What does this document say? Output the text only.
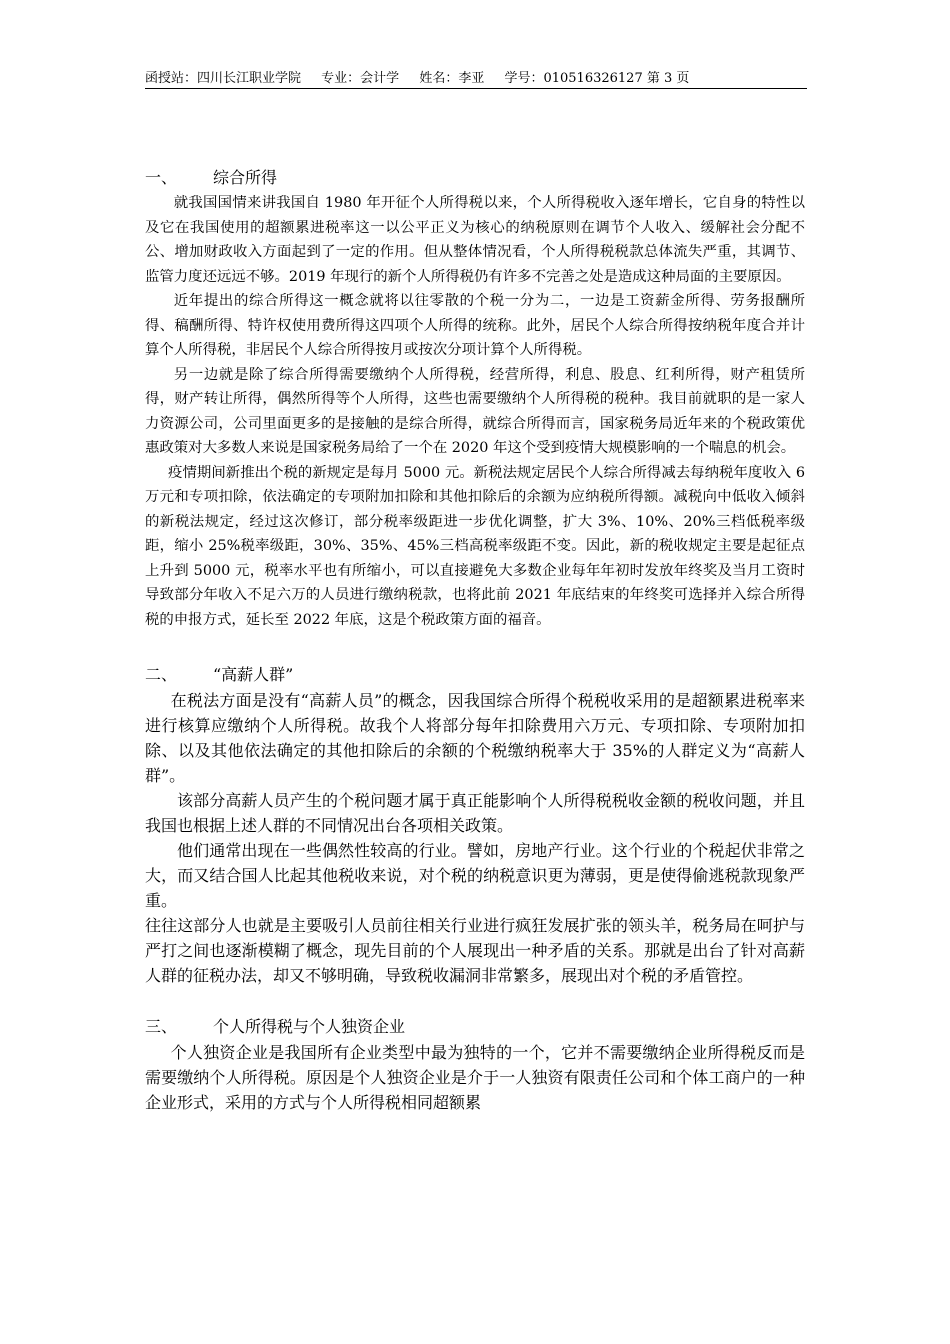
函授站：四川长江职业学院 专业：会计学 姓名：李亚 学号：010516326127 第 3 页
一、 综合所得

就我国国情来讲我国自 1980 年开征个人所得税以来，个人所得税收入逐年增长，它自身的特性以及它在我国使用的超额累进税率这一以公平正义为核心的纳税原则在调节个人收入、缓解社会分配不公、增加财政收入方面起到了一定的作用。但从整体情况看，个人所得税税款总体流失严重，其调节、监管力度还远远不够。2019 年现行的新个人所得税仍有许多不完善之处是造成这种局面的主要原因。

近年提出的综合所得这一概念就将以往零散的个税一分为二，一边是工资薪金所得、劳务报酬所得、稿酬所得、特许权使用费所得这四项个人所得的统称。此外，居民个人综合所得按纳税年度合并计算个人所得税，非居民个人综合所得按月或按次分项计算个人所得税。

另一边就是除了综合所得需要缴纳个人所得税，经营所得，利息、股息、红利所得，财产租赁所得，财产转让所得，偶然所得等个人所得，这些也需要缴纳个人所得税的税种。我目前就职的是一家人力资源公司，公司里面更多的是接触的是综合所得，就综合所得而言，国家税务局近年来的个税政策优惠政策对大多数人来说是国家税务局给了一个在 2020 年这个受到疫情大规模影响的一个喘息的机会。

疫情期间新推出个税的新规定是每月 5000 元。新税法规定居民个人综合所得减去每纳税年度收入 6 万元和专项扣除，依法确定的专项附加扣除和其他扣除后的余额为应纳税所得额。减税向中低收入倾斜的新税法规定，经过这次修订，部分税率级距进一步优化调整，扩大 3%、10%、20%三档低税率级距，缩小 25%税率级距，30%、35%、45%三档高税率级距不变。因此，新的税收规定主要是起征点上升到 5000 元，税率水平也有所缩小，可以直接避免大多数企业每年年初时发放年终奖及当月工资时导致部分年收入不足六万的人员进行缴纳税款，也将此前 2021 年底结束的年终奖可选择并入综合所得税的申报方式，延长至 2022 年底，这是个税政策方面的福音。

二、 “高薪人群”

在税法方面是没有“高薪人员”的概念，因我国综合所得个税税收采用的是超额累进税率来进行核算应缴纳个人所得税。故我个人将部分每年扣除费用六万元、专项扣除、专项附加扣除、以及其他依法确定的其他扣除后的余额的个税缴纳税率大于 35%的人群定义为“高薪人群”。

该部分高薪人员产生的个税问题才属于真正能影响个人所得税税收金额的税收问题，并且我国也根据上述人群的不同情况出台各项相关政策。

他们通常出现在一些偶然性较高的行业。譬如，房地产行业。这个行业的个税起伏非常之大，而又结合国人比起其他税收来说，对个税的纳税意识更为薄弱，更是使得偷逃税款现象严重。

往往这部分人也就是主要吸引人员前往相关行业进行疯狂发展扩张的领头羊，税务局在呵护与严打之间也逐渐模糊了概念，现先目前的个人展现出一种矛盾的关系。那就是出台了针对高薪人群的征税办法，却又不够明确，导致税收漏洞非常繁多，展现出对个税的矛盾管控。

三、 个人所得税与个人独资企业

个人独资企业是我国所有企业类型中最为独特的一个，它并不需要缴纳企业所得税反而是需要缴纳个人所得税。原因是个人独资企业是介于一人独资有限责任公司和个体工商户的一种企业形式，采用的方式与个人所得税相同超额累
